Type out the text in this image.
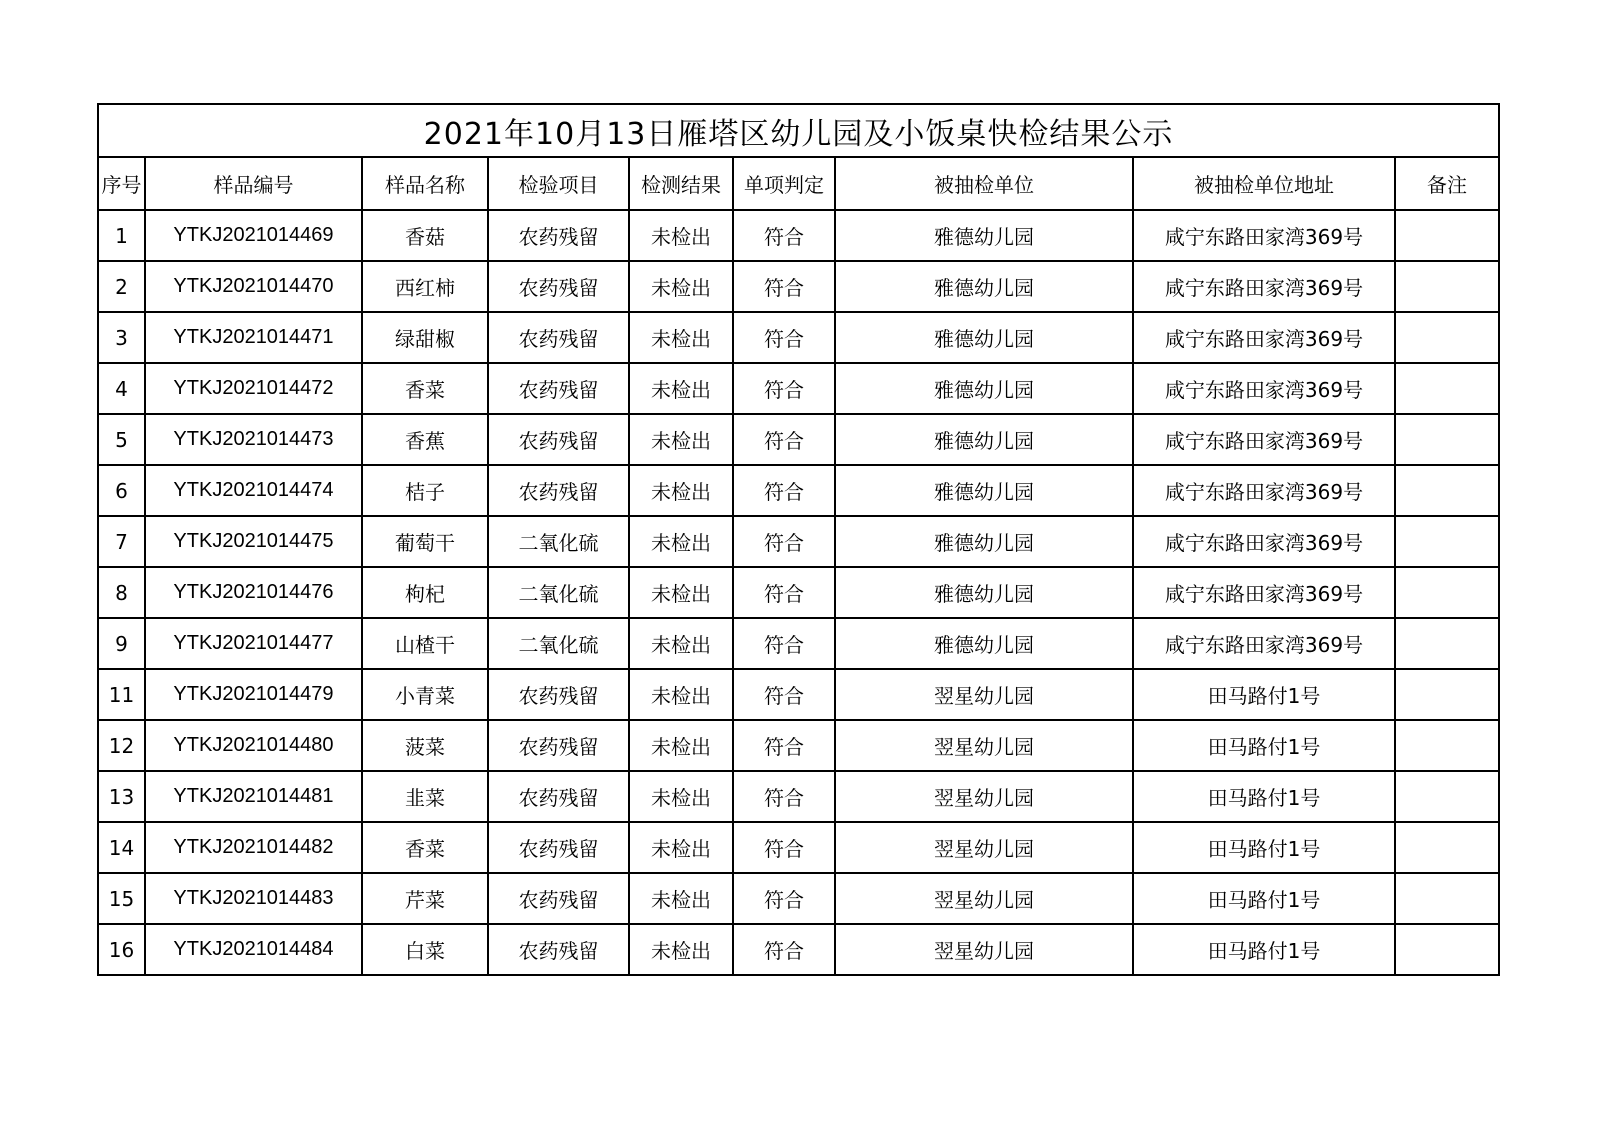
2021年10月13日雁塔区幼儿园及小饭桌快检结果公示								
序号	样品编号	样品名称	检验项目	检测结果	单项判定	被抽检单位	被抽检单位地址	备注
1	YTKJ2021014469	香菇	农药残留	未检出	符合	雅德幼儿园	咸宁东路田家湾369号	
2	YTKJ2021014470	西红柿	农药残留	未检出	符合	雅德幼儿园	咸宁东路田家湾369号	
3	YTKJ2021014471	绿甜椒	农药残留	未检出	符合	雅德幼儿园	咸宁东路田家湾369号	
4	YTKJ2021014472	香菜	农药残留	未检出	符合	雅德幼儿园	咸宁东路田家湾369号	
5	YTKJ2021014473	香蕉	农药残留	未检出	符合	雅德幼儿园	咸宁东路田家湾369号	
6	YTKJ2021014474	桔子	农药残留	未检出	符合	雅德幼儿园	咸宁东路田家湾369号	
7	YTKJ2021014475	葡萄干	二氧化硫	未检出	符合	雅德幼儿园	咸宁东路田家湾369号	
8	YTKJ2021014476	枸杞	二氧化硫	未检出	符合	雅德幼儿园	咸宁东路田家湾369号	
9	YTKJ2021014477	山楂干	二氧化硫	未检出	符合	雅德幼儿园	咸宁东路田家湾369号	
11	YTKJ2021014479	小青菜	农药残留	未检出	符合	翌星幼儿园	田马路付1号	
12	YTKJ2021014480	菠菜	农药残留	未检出	符合	翌星幼儿园	田马路付1号	
13	YTKJ2021014481	韭菜	农药残留	未检出	符合	翌星幼儿园	田马路付1号	
14	YTKJ2021014482	香菜	农药残留	未检出	符合	翌星幼儿园	田马路付1号	
15	YTKJ2021014483	芹菜	农药残留	未检出	符合	翌星幼儿园	田马路付1号	
16	YTKJ2021014484	白菜	农药残留	未检出	符合	翌星幼儿园	田马路付1号	
